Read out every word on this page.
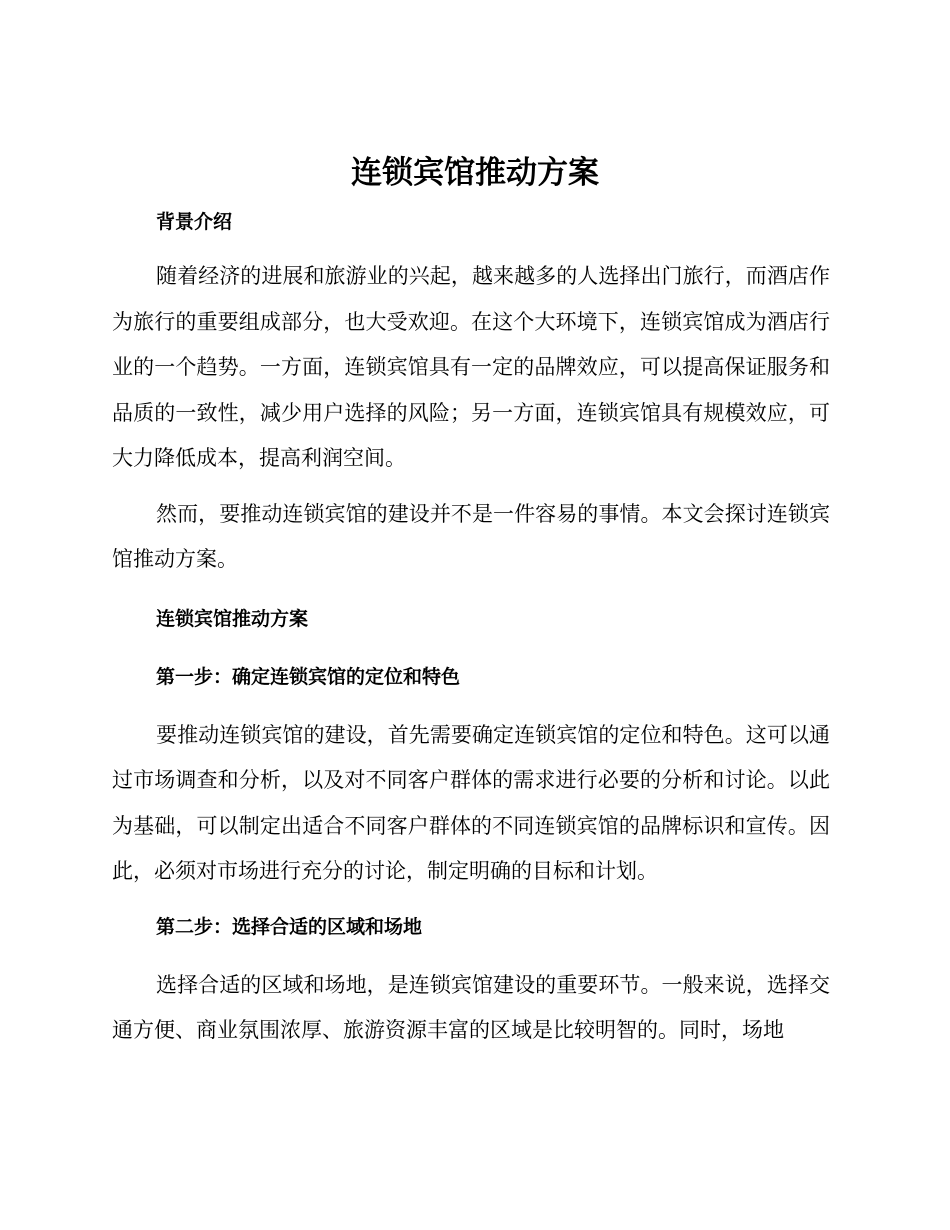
连锁宾馆推动方案

背景介绍

随着经济的进展和旅游业的兴起，越来越多的人选择出门旅行，而酒店作为旅行的重要组成部分，也大受欢迎。在这个大环境下，连锁宾馆成为酒店行业的一个趋势。一方面，连锁宾馆具有一定的品牌效应，可以提高保证服务和品质的一致性，减少用户选择的风险；另一方面，连锁宾馆具有规模效应，可大力降低成本，提高利润空间。

然而，要推动连锁宾馆的建设并不是一件容易的事情。本文会探讨连锁宾馆推动方案。

连锁宾馆推动方案

第一步：确定连锁宾馆的定位和特色

要推动连锁宾馆的建设，首先需要确定连锁宾馆的定位和特色。这可以通过市场调查和分析，以及对不同客户群体的需求进行必要的分析和讨论。以此为基础，可以制定出适合不同客户群体的不同连锁宾馆的品牌标识和宣传。因此，必须对市场进行充分的讨论，制定明确的目标和计划。

第二步：选择合适的区域和场地

选择合适的区域和场地，是连锁宾馆建设的重要环节。一般来说，选择交通方便、商业氛围浓厚、旅游资源丰富的区域是比较明智的。同时，场地
